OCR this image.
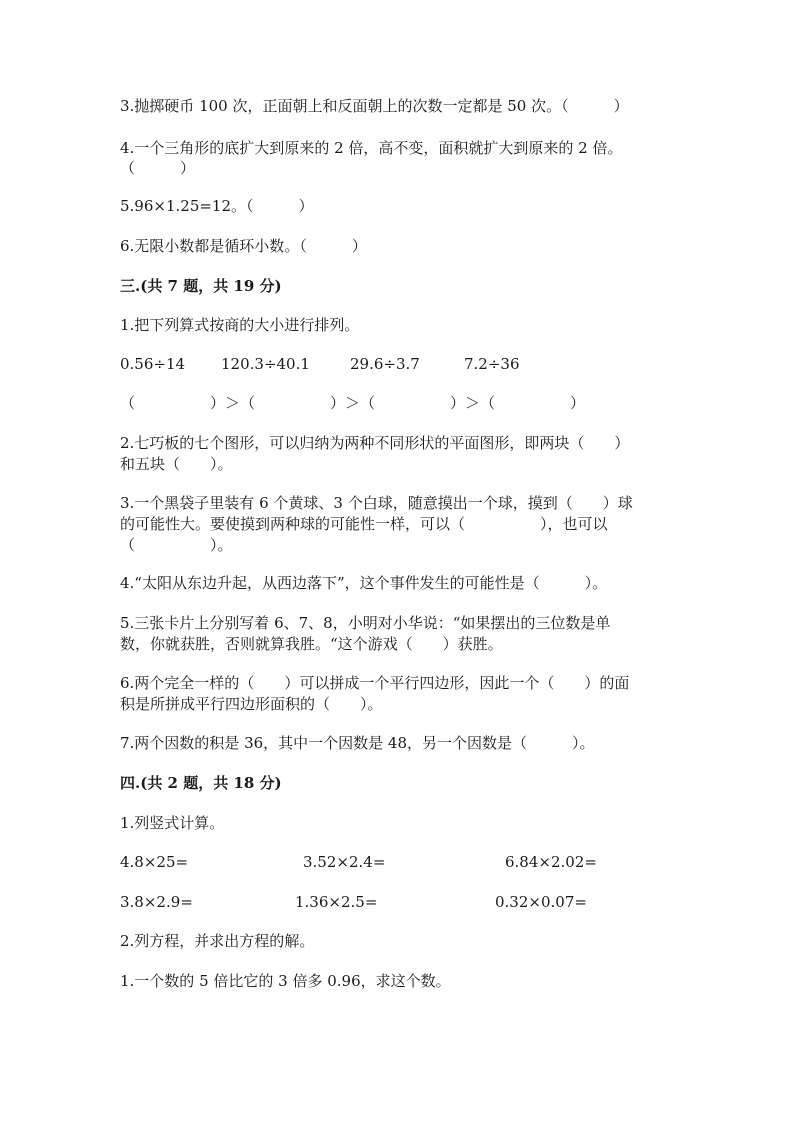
3.抛掷硬币 100 次，正面朝上和反面朝上的次数一定都是 50 次。（　　　）

4.一个三角形的底扩大到原来的 2 倍，高不变，面积就扩大到原来的 2 倍。

（　　　）

5.96×1.25=12。（　　　）

6.无限小数都是循环小数。（　　　）

三.(共 7 题，共 19 分)

1.把下列算式按商的大小进行排列。

0.56÷14 120.3÷40.1	29.6÷3.7	7.2÷36

（　　　　　）＞（　　　　　）＞（　　　　　）＞（　　　　　）

2.七巧板的七个图形，可以归纳为两种不同形状的平面图形，即两块（　　）

和五块（　　）。

3.一个黑袋子里装有 6 个黄球、3 个白球，随意摸出一个球，摸到（　　）球

的可能性大。要使摸到两种球的可能性一样，可以（　　　　　），也可以

（　　　　　）。

4.“太阳从东边升起，从西边落下”，这个事件发生的可能性是（　　　）。

5.三张卡片上分别写着 6、7、8，小明对小华说：“如果摆出的三位数是单

数，你就获胜，否则就算我胜。“这个游戏（　　）获胜。

6.两个完全一样的（　　）可以拼成一个平行四边形，因此一个（　　）的面

积是所拼成平行四边形面积的（　　）。

7.两个因数的积是 36，其中一个因数是 48，另一个因数是（　　　）。

四.(共 2 题，共 18 分)

1.列竖式计算。

4.8×25=	3.52×2.4=	6.84×2.02=
3.8×2.9=	1.36×2.5=	0.32×0.07=

2.列方程，并求出方程的解。

1.一个数的 5 倍比它的 3 倍多 0.96，求这个数。
